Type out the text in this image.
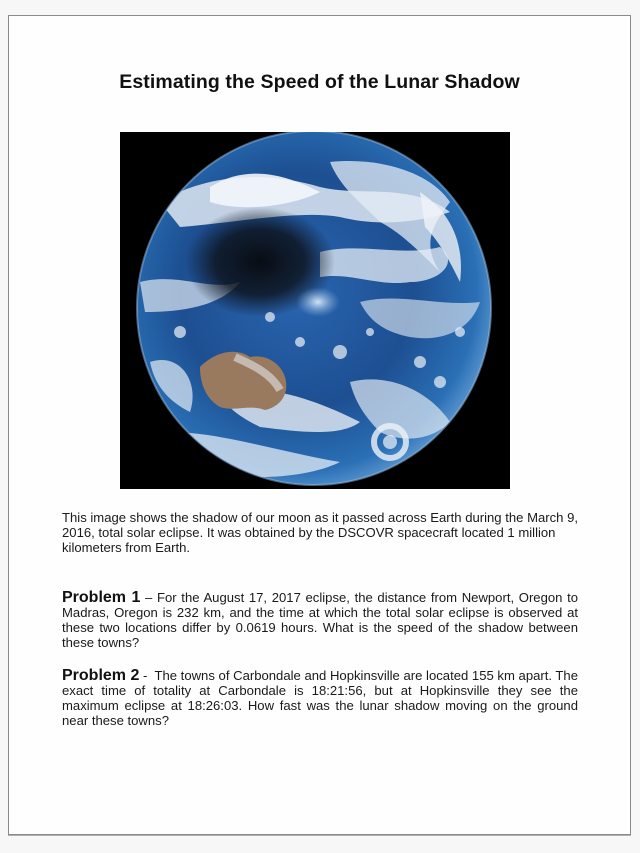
Estimating the Speed of the Lunar Shadow

This image shows the shadow of our moon as it passed across Earth during the March 9, 2016, total solar eclipse. It was obtained by the DSCOVR spacecraft located 1 million kilometers from Earth.

Problem 1 – For the August 17, 2017 eclipse, the distance from Newport, Oregon to Madras, Oregon is 232 km, and the time at which the total solar eclipse is observed at these two locations differ by 0.0619 hours. What is the speed of the shadow between these towns?

Problem 2 -  The towns of Carbondale and Hopkinsville are located 155 km apart. The exact time of totality at Carbondale is 18:21:56, but at Hopkinsville they see the maximum eclipse at 18:26:03. How fast was the lunar shadow moving on the ground near these towns?
